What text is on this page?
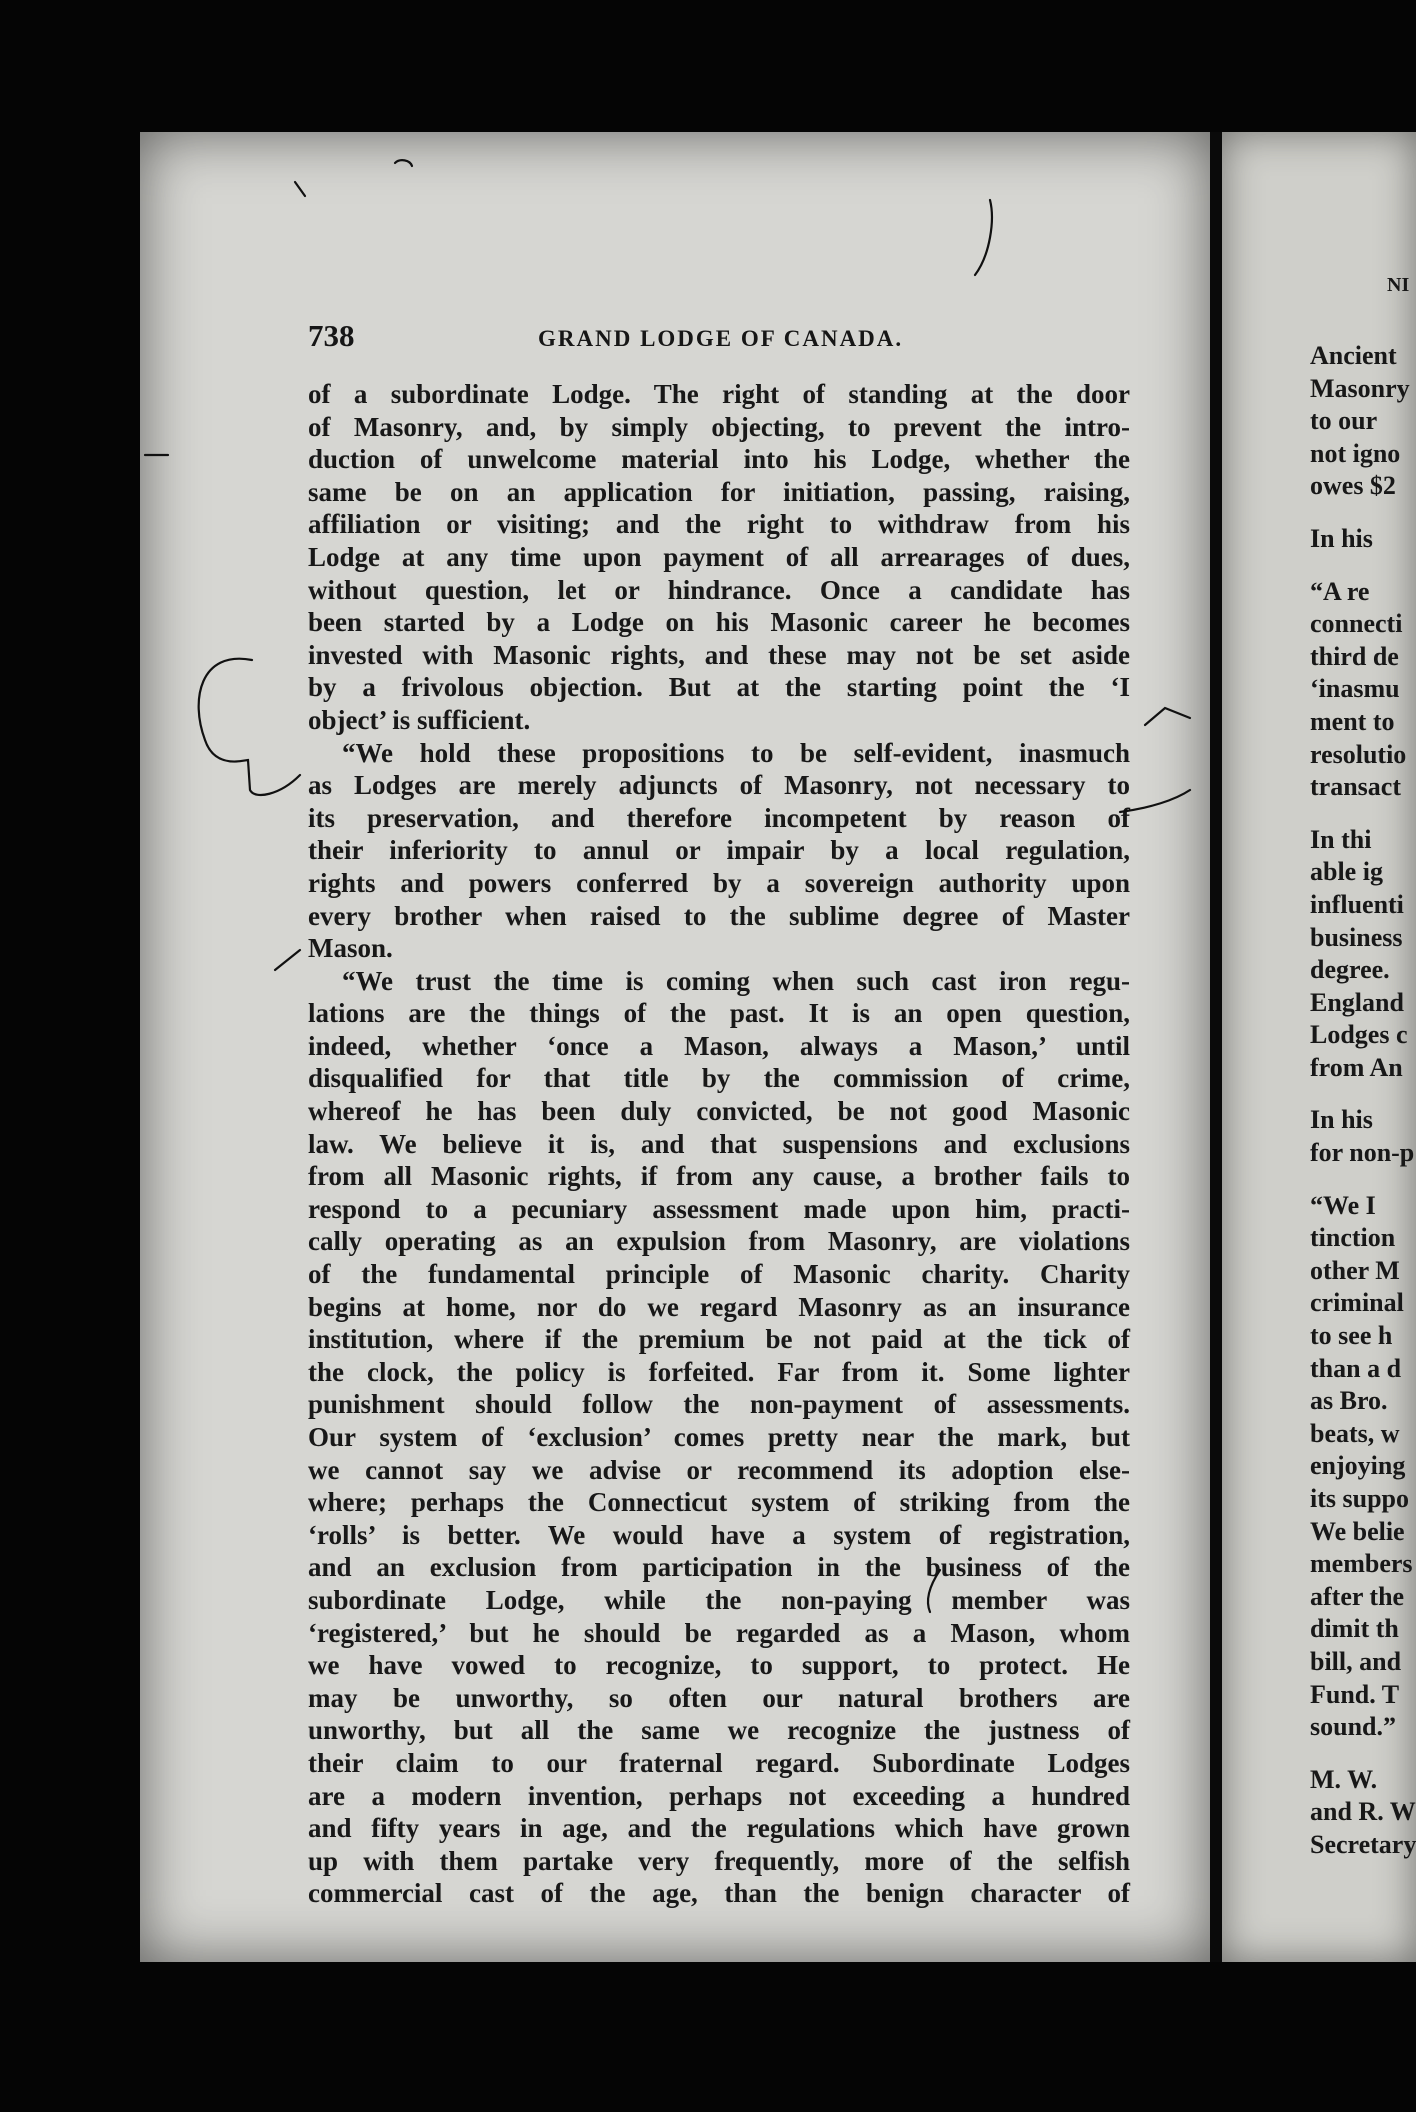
NI
Ancient
Masonry
to our
not igno
owes $2
In his
“A re
connecti
third de
‘inasmu
ment to
resolutio
transact
In thi
able ig
influenti
business
degree.
England
Lodges c
from An
In his
for non-p
“We I
tinction
other M
criminal
to see h
than a d
as Bro.
beats, w
enjoying
its suppo
We belie
members
after the
dimit th
bill, and
Fund. T
sound.”
M. W.
and R. W
Secretary
738	GRAND LODGE OF CANADA.
of a subordinate Lodge. The right of standing at the door
of Masonry, and, by simply objecting, to prevent the intro-
duction of unwelcome material into his Lodge, whether the
same be on an application for initiation, passing, raising,
affiliation or visiting; and the right to withdraw from his
Lodge at any time upon payment of all arrearages of dues,
without question, let or hindrance. Once a candidate has
been started by a Lodge on his Masonic career he becomes
invested with Masonic rights, and these may not be set aside
by a frivolous objection. But at the starting point the ‘I
object’ is sufficient.
“We hold these propositions to be self-evident, inasmuch
as Lodges are merely adjuncts of Masonry, not necessary to
its preservation, and therefore incompetent by reason of
their inferiority to annul or impair by a local regulation,
rights and powers conferred by a sovereign authority upon
every brother when raised to the sublime degree of Master
Mason.
“We trust the time is coming when such cast iron regu-
lations are the things of the past. It is an open question,
indeed, whether ‘once a Mason, always a Mason,’ until
disqualified for that title by the commission of crime,
whereof he has been duly convicted, be not good Masonic
law. We believe it is, and that suspensions and exclusions
from all Masonic rights, if from any cause, a brother fails to
respond to a pecuniary assessment made upon him, practi-
cally operating as an expulsion from Masonry, are violations
of the fundamental principle of Masonic charity. Charity
begins at home, nor do we regard Masonry as an insurance
institution, where if the premium be not paid at the tick of
the clock, the policy is forfeited. Far from it. Some lighter
punishment should follow the non-payment of assessments.
Our system of ‘exclusion’ comes pretty near the mark, but
we cannot say we advise or recommend its adoption else-
where; perhaps the Connecticut system of striking from the
‘rolls’ is better. We would have a system of registration,
and an exclusion from participation in the business of the
subordinate Lodge, while the non-paying member was
‘registered,’ but he should be regarded as a Mason, whom
we have vowed to recognize, to support, to protect. He
may be unworthy, so often our natural brothers are
unworthy, but all the same we recognize the justness of
their claim to our fraternal regard. Subordinate Lodges
are a modern invention, perhaps not exceeding a hundred
and fifty years in age, and the regulations which have grown
up with them partake very frequently, more of the selfish
commercial cast of the age, than the benign character of
